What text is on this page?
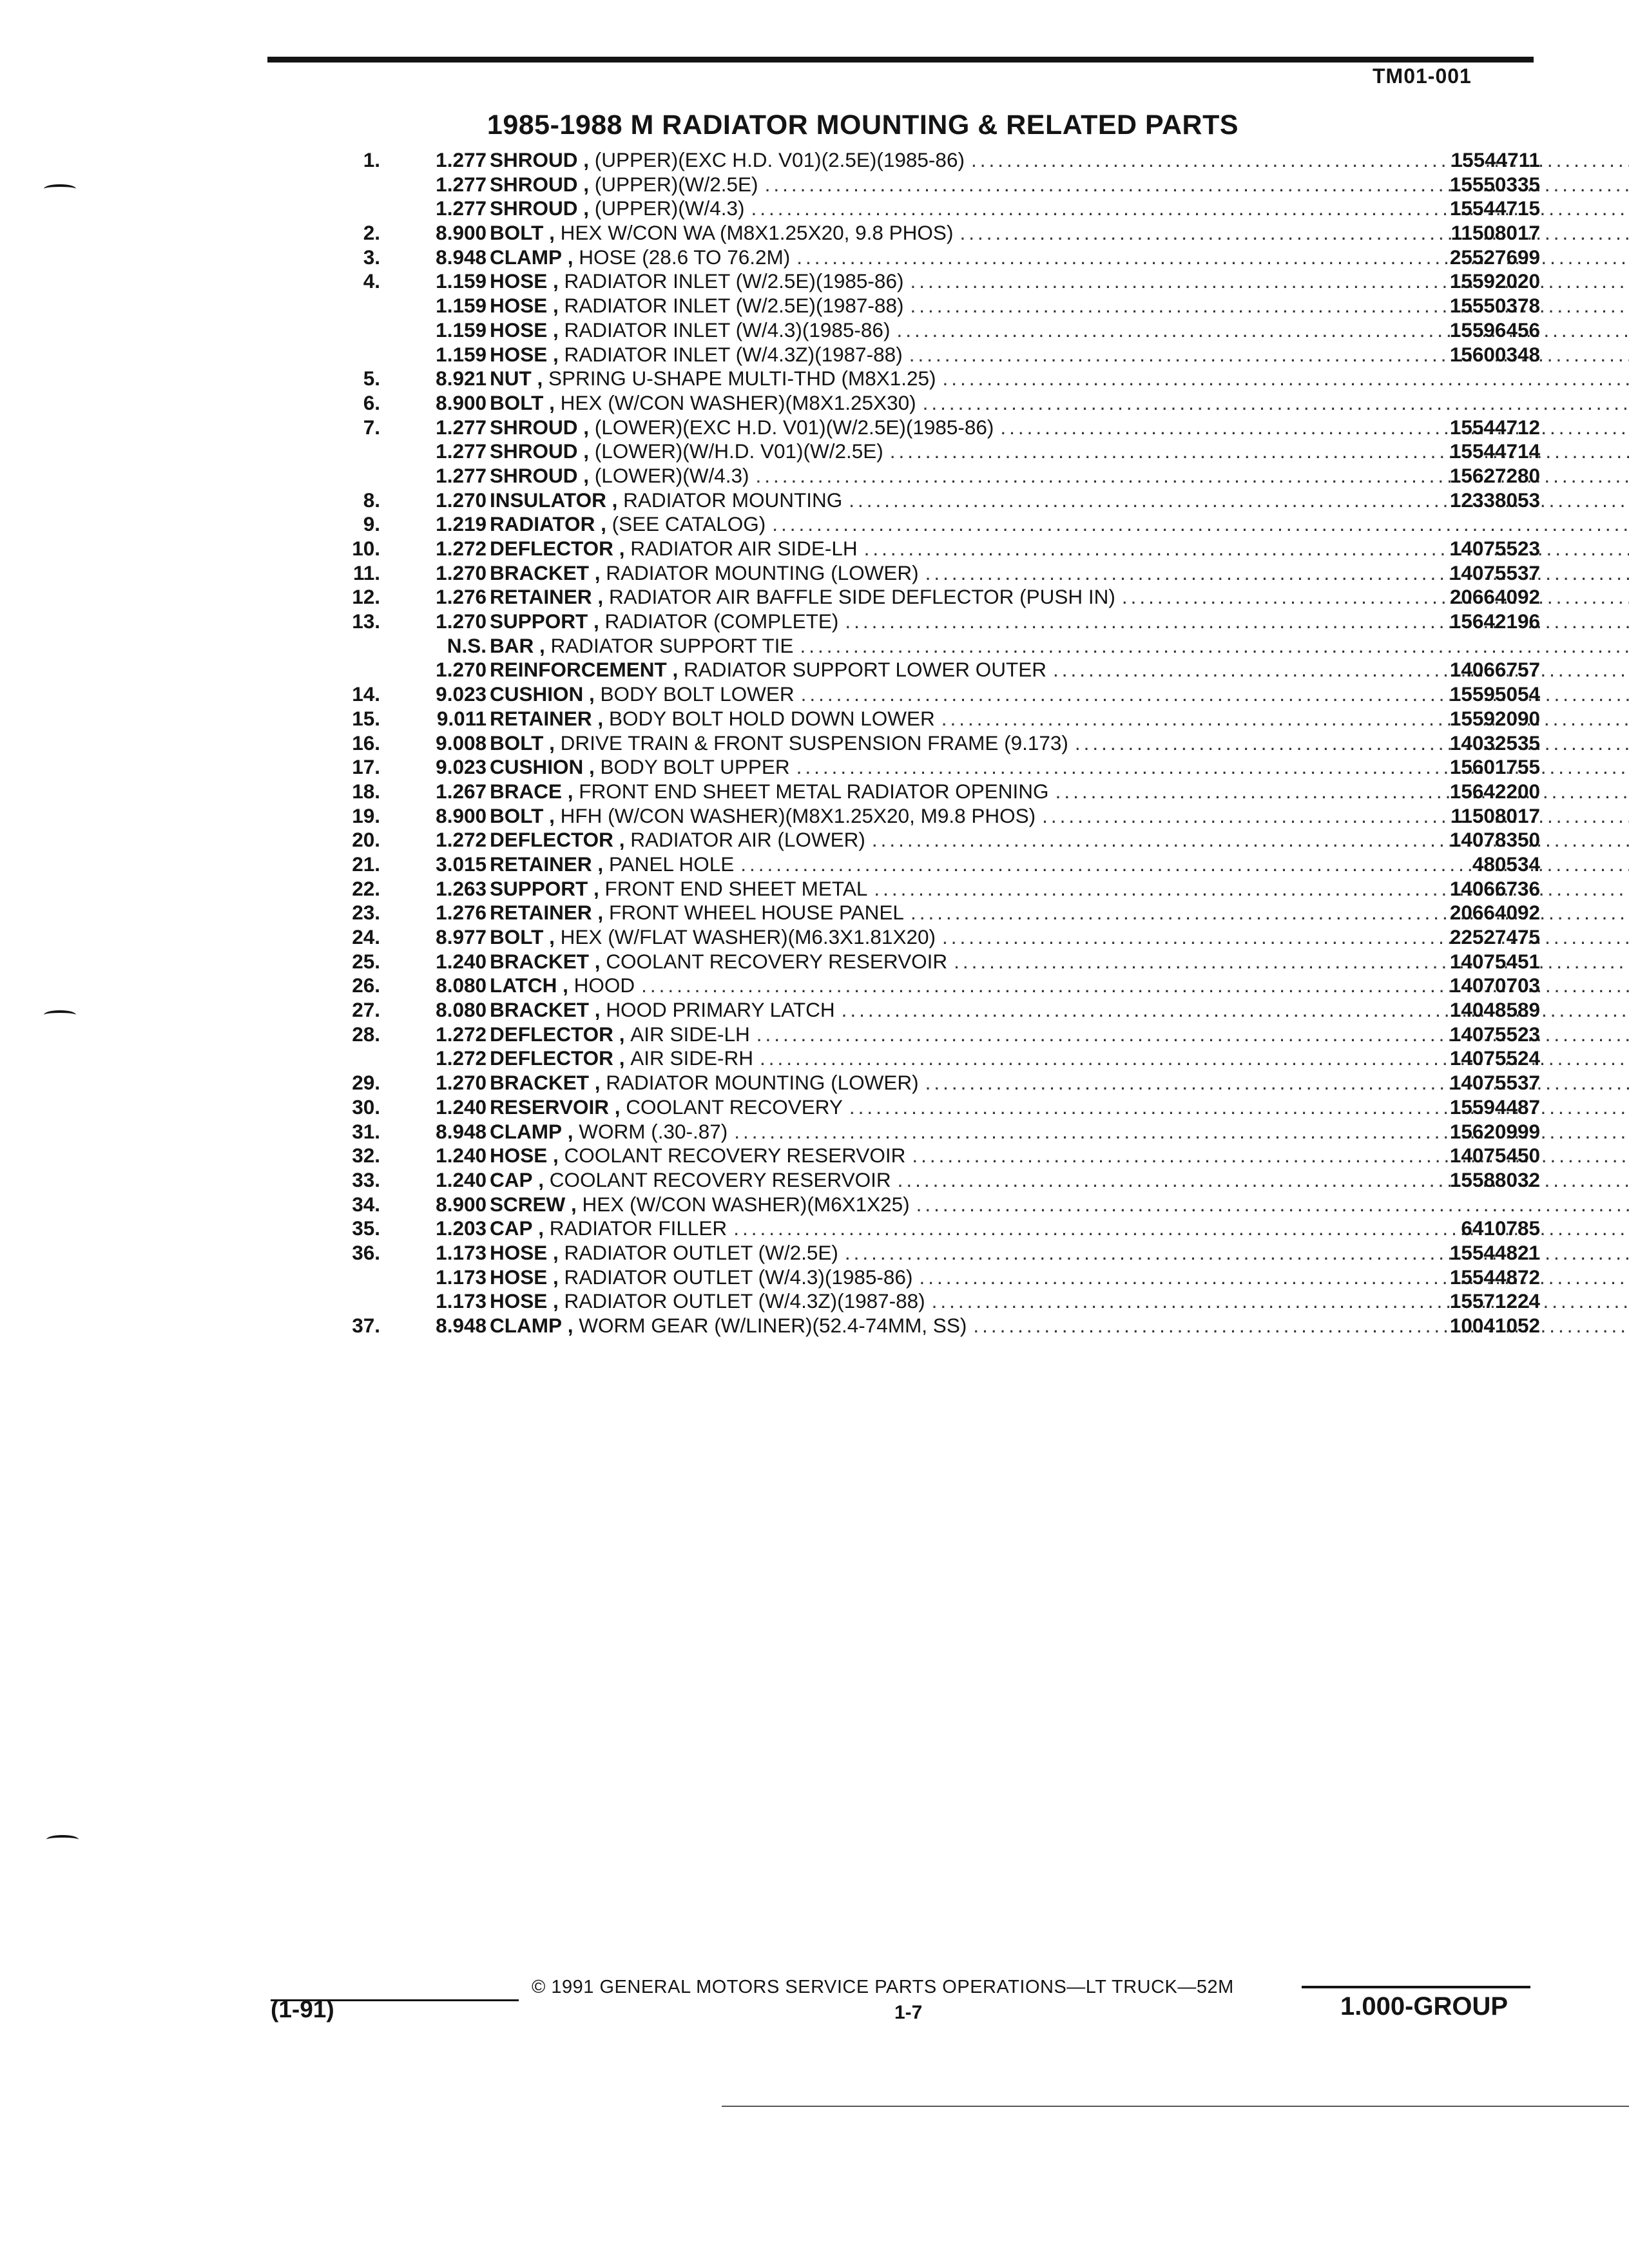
TM01-001
1985-1988 M RADIATOR MOUNTING & RELATED PARTS
1.	1.277 SHROUD , (UPPER)(EXC H.D. V01)(2.5E)(1985-86) .....	15544711
1.277 SHROUD , (UPPER)(W/2.5E) .....	15550335
1.277 SHROUD , (UPPER)(W/4.3) .....	15544715
2.	8.900 BOLT , HEX W/CON WA (M8X1.25X20, 9.8 PHOS) .....	11508017
3.	8.948 CLAMP , HOSE (28.6 TO 76.2M) .....	25527699
4.	1.159 HOSE , RADIATOR INLET (W/2.5E)(1985-86) .....	15592020
1.159 HOSE , RADIATOR INLET (W/2.5E)(1987-88) .....	15550378
1.159 HOSE , RADIATOR INLET (W/4.3)(1985-86) .....	15596456
1.159 HOSE , RADIATOR INLET (W/4.3Z)(1987-88) .....	15600348
5.	8.921 NUT , SPRING U-SHAPE MULTI-THD (M8X1.25)
.....
6.	8.900 BOLT , HEX (W/CON WASHER)(M8X1.25X30)
.....
7.	1.277 SHROUD , (LOWER)(EXC H.D. V01)(W/2.5E)(1985-86) .....	15544712
1.277 SHROUD , (LOWER)(W/H.D. V01)(W/2.5E) .....	15544714
1.277 SHROUD , (LOWER)(W/4.3) .....	15627280
8.	1.270 INSULATOR , RADIATOR MOUNTING .....	12338053
9.	1.219 RADIATOR , (SEE CATALOG)
.....
10.	1.272 DEFLECTOR , RADIATOR AIR SIDE-LH .....	14075523
11.	1.270 BRACKET , RADIATOR MOUNTING (LOWER) .....	14075537
12.	1.276 RETAINER , RADIATOR AIR BAFFLE SIDE DEFLECTOR (PUSH IN) .....	20664092
13.	1.270 SUPPORT , RADIATOR (COMPLETE) .....	15642196
N.S. BAR , RADIATOR SUPPORT TIE
.....
1.270 REINFORCEMENT , RADIATOR SUPPORT LOWER OUTER .....	14066757
14.	9.023 CUSHION , BODY BOLT LOWER .....	15595054
15.	9.011 RETAINER , BODY BOLT HOLD DOWN LOWER .....	15592090
16.	9.008 BOLT , DRIVE TRAIN & FRONT SUSPENSION FRAME (9.173) .....	14032535
17.	9.023 CUSHION , BODY BOLT UPPER .....	15601755
18.	1.267 BRACE , FRONT END SHEET METAL RADIATOR OPENING .....	15642200
19.	8.900 BOLT , HFH (W/CON WASHER)(M8X1.25X20, M9.8 PHOS) .....	11508017
20.	1.272 DEFLECTOR , RADIATOR AIR (LOWER) .....	14078350
21.	3.015 RETAINER , PANEL HOLE .....	480534
22.	1.263 SUPPORT , FRONT END SHEET METAL .....	14066736
23.	1.276 RETAINER , FRONT WHEEL HOUSE PANEL .....	20664092
24.	8.977 BOLT , HEX (W/FLAT WASHER)(M6.3X1.81X20) .....	22527475
25.	1.240 BRACKET , COOLANT RECOVERY RESERVOIR .....	14075451
26.	8.080 LATCH , HOOD .....	14070703
27.	8.080 BRACKET , HOOD PRIMARY LATCH .....	14048589
28.	1.272 DEFLECTOR , AIR SIDE-LH .....	14075523
1.272 DEFLECTOR , AIR SIDE-RH .....	14075524
29.	1.270 BRACKET , RADIATOR MOUNTING (LOWER) .....	14075537
30.	1.240 RESERVOIR , COOLANT RECOVERY .....	15594487
31.	8.948 CLAMP , WORM (.30-.87) .....	15620999
32.	1.240 HOSE , COOLANT RECOVERY RESERVOIR .....	14075450
33.	1.240 CAP , COOLANT RECOVERY RESERVOIR .....	15588032
34.	8.900 SCREW , HEX (W/CON WASHER)(M6X1X25)
.....
35.	1.203 CAP , RADIATOR FILLER .....	6410785
36.	1.173 HOSE , RADIATOR OUTLET (W/2.5E) .....	15544821
1.173 HOSE , RADIATOR OUTLET (W/4.3)(1985-86) .....	15544872
1.173 HOSE , RADIATOR OUTLET (W/4.3Z)(1987-88) .....	15571224
37.	8.948 CLAMP , WORM GEAR (W/LINER)(52.4-74MM, SS) .....	10041052
© 1991 GENERAL MOTORS SERVICE PARTS OPERATIONS—LT TRUCK—52M
(1-91)	1-7	1.000-GROUP
